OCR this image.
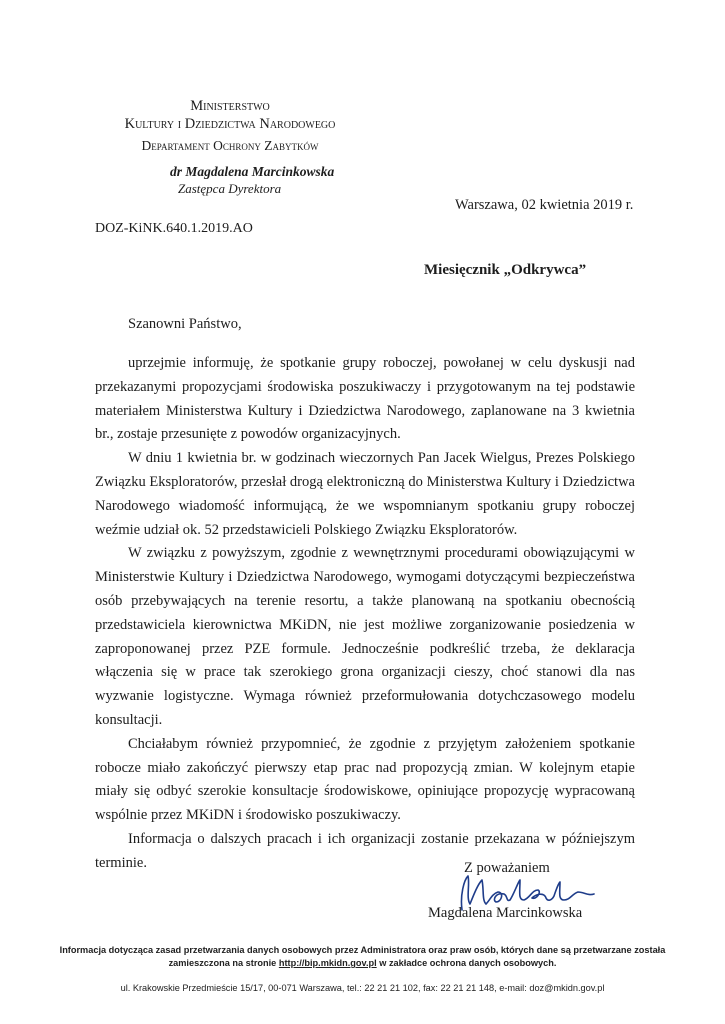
Ministerstwo
Kultury i Dziedzictwa Narodowego
Departament Ochrony Zabytków
dr Magdalena Marcinkowska
Zastępca Dyrektora
Warszawa, 02 kwietnia 2019 r.
DOZ-KiNK.640.1.2019.AO
Miesięcznik „Odkrywca”
Szanowni Państwo,

uprzejmie informuję, że spotkanie grupy roboczej, powołanej w celu dyskusji nad przekazanymi propozycjami środowiska poszukiwaczy i przygotowanym na tej podstawie materiałem Ministerstwa Kultury i Dziedzictwa Narodowego, zaplanowane na 3 kwietnia br., zostaje przesunięte z powodów organizacyjnych.

W dniu 1 kwietnia br. w godzinach wieczornych Pan Jacek Wielgus, Prezes Polskiego Związku Eksploratorów, przesłał drogą elektroniczną do Ministerstwa Kultury i Dziedzictwa Narodowego wiadomość informującą, że we wspomnianym spotkaniu grupy roboczej weźmie udział ok. 52 przedstawicieli Polskiego Związku Eksploratorów.

W związku z powyższym, zgodnie z wewnętrznymi procedurami obowiązującymi w Ministerstwie Kultury i Dziedzictwa Narodowego, wymogami dotyczącymi bezpieczeństwa osób przebywających na terenie resortu, a także planowaną na spotkaniu obecnością przedstawiciela kierownictwa MKiDN, nie jest możliwe zorganizowanie posiedzenia w zaproponowanej przez PZE formule. Jednocześnie podkreślić trzeba, że deklaracja włączenia się w prace tak szerokiego grona organizacji cieszy, choć stanowi dla nas wyzwanie logistyczne. Wymaga również przeformułowania dotychczasowego modelu konsultacji.

Chciałabym również przypomnieć, że zgodnie z przyjętym założeniem spotkanie robocze miało zakończyć pierwszy etap prac nad propozycją zmian. W kolejnym etapie miały się odbyć szerokie konsultacje środowiskowe, opiniujące propozycję wypracowaną wspólnie przez MKiDN i środowisko poszukiwaczy.

Informacja o dalszych pracach i ich organizacji zostanie przekazana w późniejszym terminie.	Z poważaniem
Magdalena Marcinkowska
Informacja dotycząca zasad przetwarzania danych osobowych przez Administratora oraz praw osób, których dane są przetwarzane została
zamieszczona na stronie http://bip.mkidn.gov.pl w zakładce ochrona danych osobowych.
ul. Krakowskie Przedmieście 15/17, 00-071 Warszawa, tel.: 22 21 21 102, fax: 22 21 21 148, e-mail: doz@mkidn.gov.pl
